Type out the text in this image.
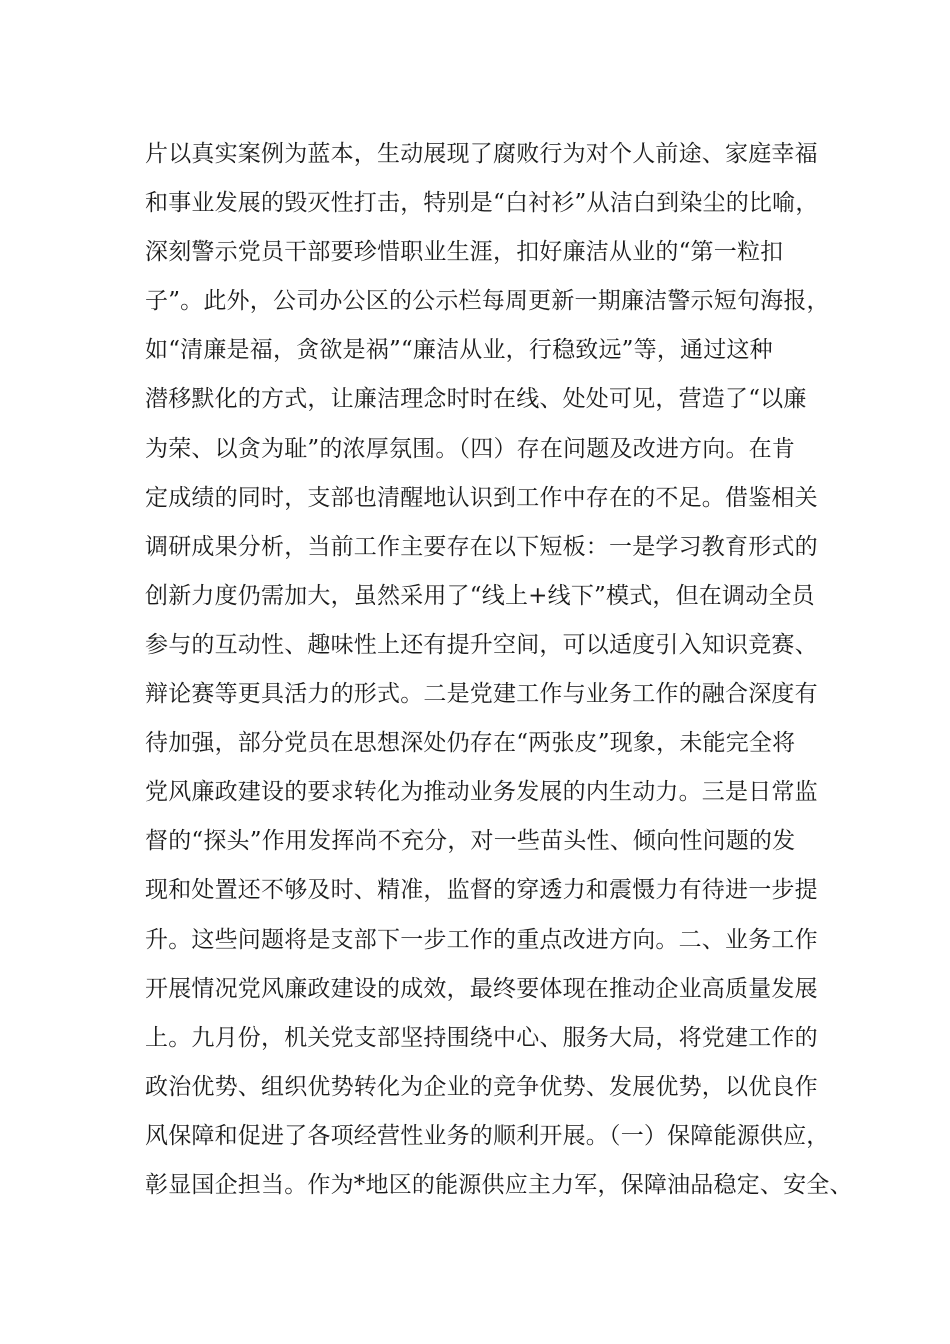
片以真实案例为蓝本，生动展现了腐败行为对个人前途、家庭幸福
和事业发展的毁灭性打击，特别是“白衬衫”从洁白到染尘的比喻，
深刻警示党员干部要珍惜职业生涯，扣好廉洁从业的“第一粒扣
子”。此外，公司办公区的公示栏每周更新一期廉洁警示短句海报，
如“清廉是福，贪欲是祸”“廉洁从业，行稳致远”等，通过这种
潜移默化的方式，让廉洁理念时时在线、处处可见，营造了“以廉
为荣、以贪为耻”的浓厚氛围。（四）存在问题及改进方向。在肯
定成绩的同时，支部也清醒地认识到工作中存在的不足。借鉴相关
调研成果分析，当前工作主要存在以下短板：一是学习教育形式的
创新力度仍需加大，虽然采用了“线上+线下”模式，但在调动全员
参与的互动性、趣味性上还有提升空间，可以适度引入知识竞赛、
辩论赛等更具活力的形式。二是党建工作与业务工作的融合深度有
待加强，部分党员在思想深处仍存在“两张皮”现象，未能完全将
党风廉政建设的要求转化为推动业务发展的内生动力。三是日常监
督的“探头”作用发挥尚不充分，对一些苗头性、倾向性问题的发
现和处置还不够及时、精准，监督的穿透力和震慑力有待进一步提
升。这些问题将是支部下一步工作的重点改进方向。二、业务工作
开展情况党风廉政建设的成效，最终要体现在推动企业高质量发展
上。九月份，机关党支部坚持围绕中心、服务大局，将党建工作的
政治优势、组织优势转化为企业的竞争优势、发展优势，以优良作
风保障和促进了各项经营性业务的顺利开展。（一）保障能源供应，
彰显国企担当。作为*地区的能源供应主力军，保障油品稳定、安全、
